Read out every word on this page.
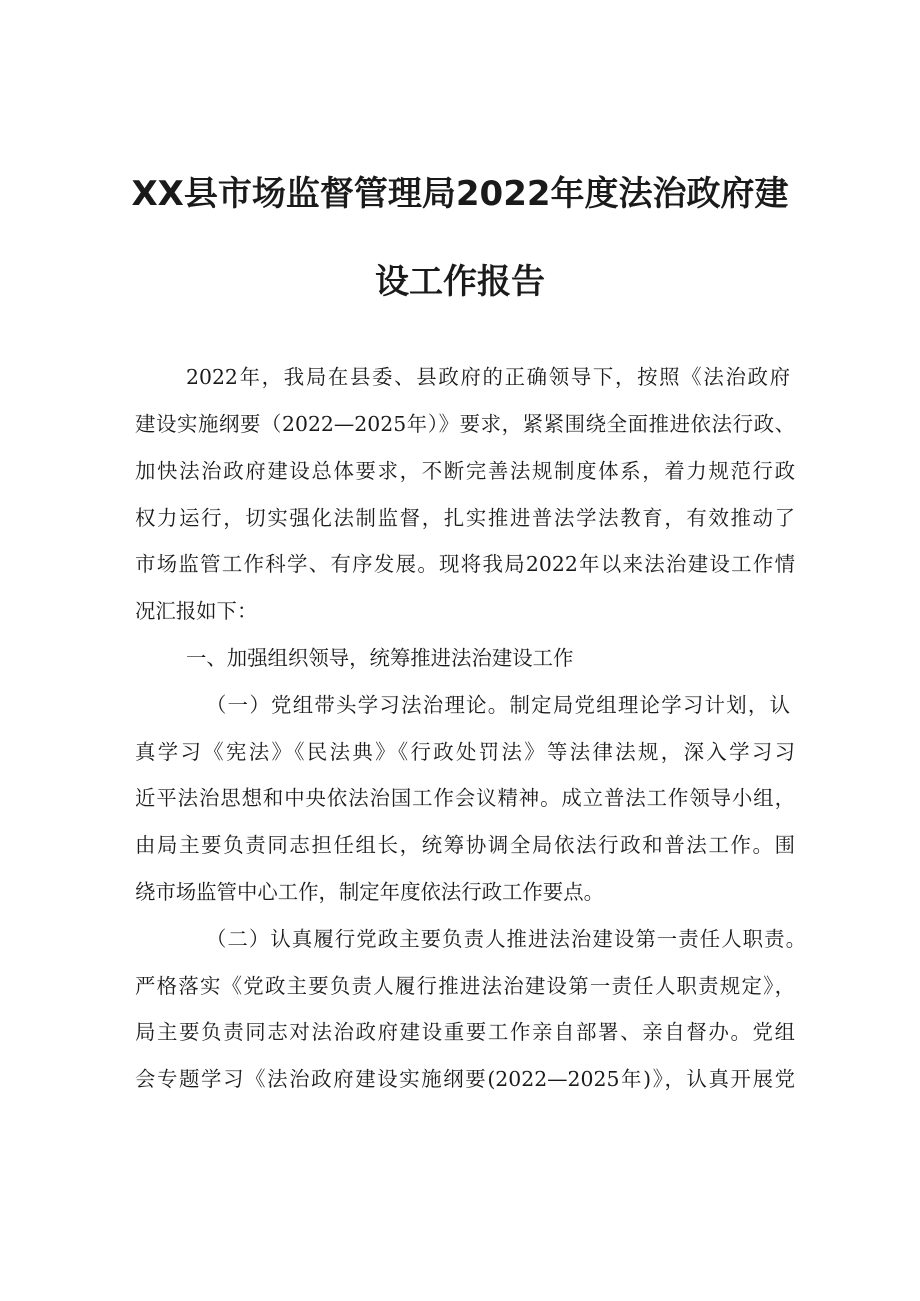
XX县市场监督管理局2022年度法治政府建
设工作报告
2022年，我局在县委、县政府的正确领导下，按照《法治政府
建设实施纲要（2022—2025年）》要求，紧紧围绕全面推进依法行政、
加快法治政府建设总体要求，不断完善法规制度体系，着力规范行政
权力运行，切实强化法制监督，扎实推进普法学法教育，有效推动了
市场监管工作科学、有序发展。现将我局2022年以来法治建设工作情
况汇报如下：
一、加强组织领导，统筹推进法治建设工作
（一）党组带头学习法治理论。制定局党组理论学习计划，认
真学习《宪法》《民法典》《行政处罚法》等法律法规，深入学习习
近平法治思想和中央依法治国工作会议精神。成立普法工作领导小组，
由局主要负责同志担任组长，统筹协调全局依法行政和普法工作。围
绕市场监管中心工作，制定年度依法行政工作要点。
（二）认真履行党政主要负责人推进法治建设第一责任人职责。
严格落实《党政主要负责人履行推进法治建设第一责任人职责规定》，
局主要负责同志对法治政府建设重要工作亲自部署、亲自督办。党组
会专题学习《法治政府建设实施纲要(2022—2025年)》，认真开展党
